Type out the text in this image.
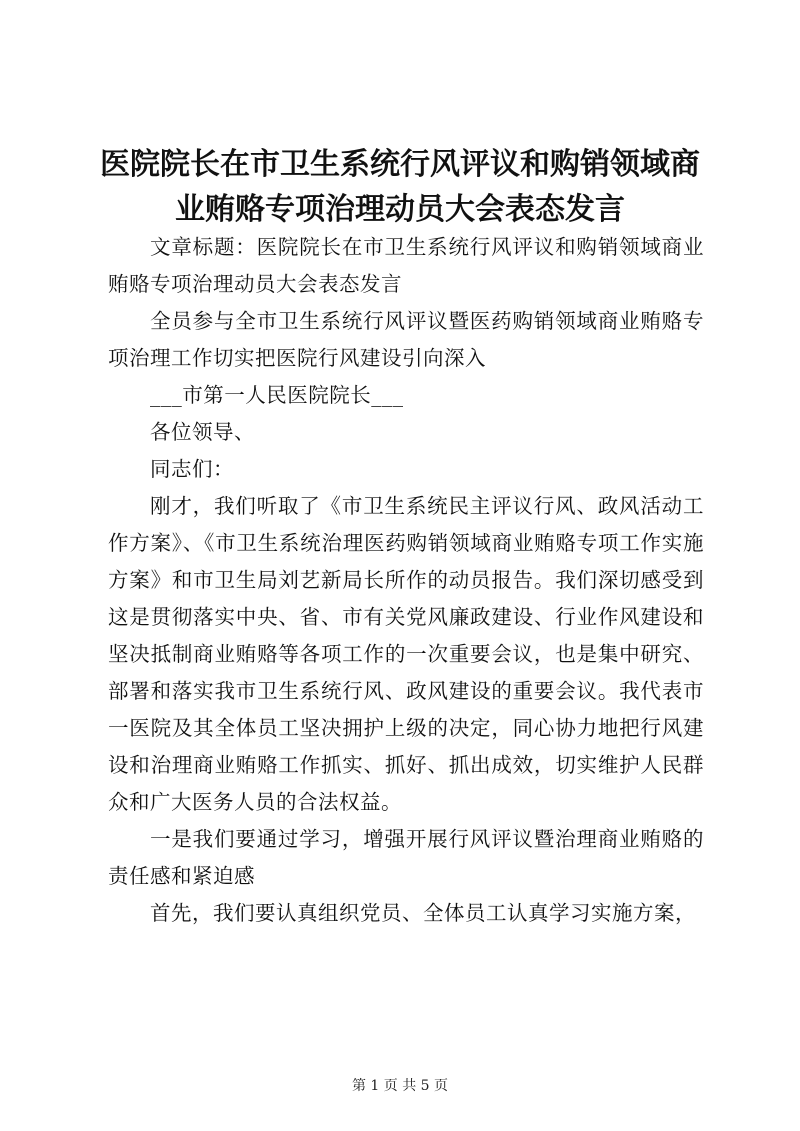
医院院长在市卫生系统行风评议和购销领域商业贿赂专项治理动员大会表态发言

文章标题：医院院长在市卫生系统行风评议和购销领域商业贿赂专项治理动员大会表态发言

全员参与全市卫生系统行风评议暨医药购销领域商业贿赂专项治理工作切实把医院行风建设引向深入

___市第一人民医院院长___

各位领导、

同志们：

刚才，我们听取了《市卫生系统民主评议行风、政风活动工作方案》、《市卫生系统治理医药购销领域商业贿赂专项工作实施方案》和市卫生局刘艺新局长所作的动员报告。我们深切感受到这是贯彻落实中央、省、市有关党风廉政建设、行业作风建设和坚决抵制商业贿赂等各项工作的一次重要会议，也是集中研究、部署和落实我市卫生系统行风、政风建设的重要会议。我代表市一医院及其全体员工坚决拥护上级的决定，同心协力地把行风建设和治理商业贿赂工作抓实、抓好、抓出成效，切实维护人民群众和广大医务人员的合法权益。

一是我们要通过学习，增强开展行风评议暨治理商业贿赂的责任感和紧迫感

首先，我们要认真组织党员、全体员工认真学习实施方案，

第 1 页 共 5 页
